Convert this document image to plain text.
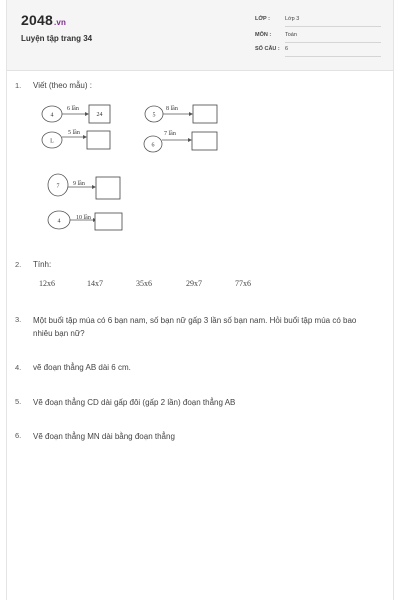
2048.vn
Luyện tập trang 34
LỚP :	Lớp 3
MÔN :	Toán
SỐ CÂU : 6
1. Viết (theo mẫu) :
4
6 lần
24	5
8 lần
L
5 lần
6
7 lần
7 9 lần
4
10 lần
2. Tính:
12x6	14x7	35x6	29x7	77x6
3. Một buổi tập múa có 6 bạn nam, số bạn nữ gấp 3 lần số bạn nam. Hỏi buổi tập múa có bao nhiêu bạn nữ?
4. vẽ đoạn thẳng AB dài 6 cm.
5. Vẽ đoạn thẳng CD dài gấp đôi (gấp 2 lần) đoạn thẳng AB
6. Vẽ đoạn thẳng MN dài bằng đoạn thẳng
